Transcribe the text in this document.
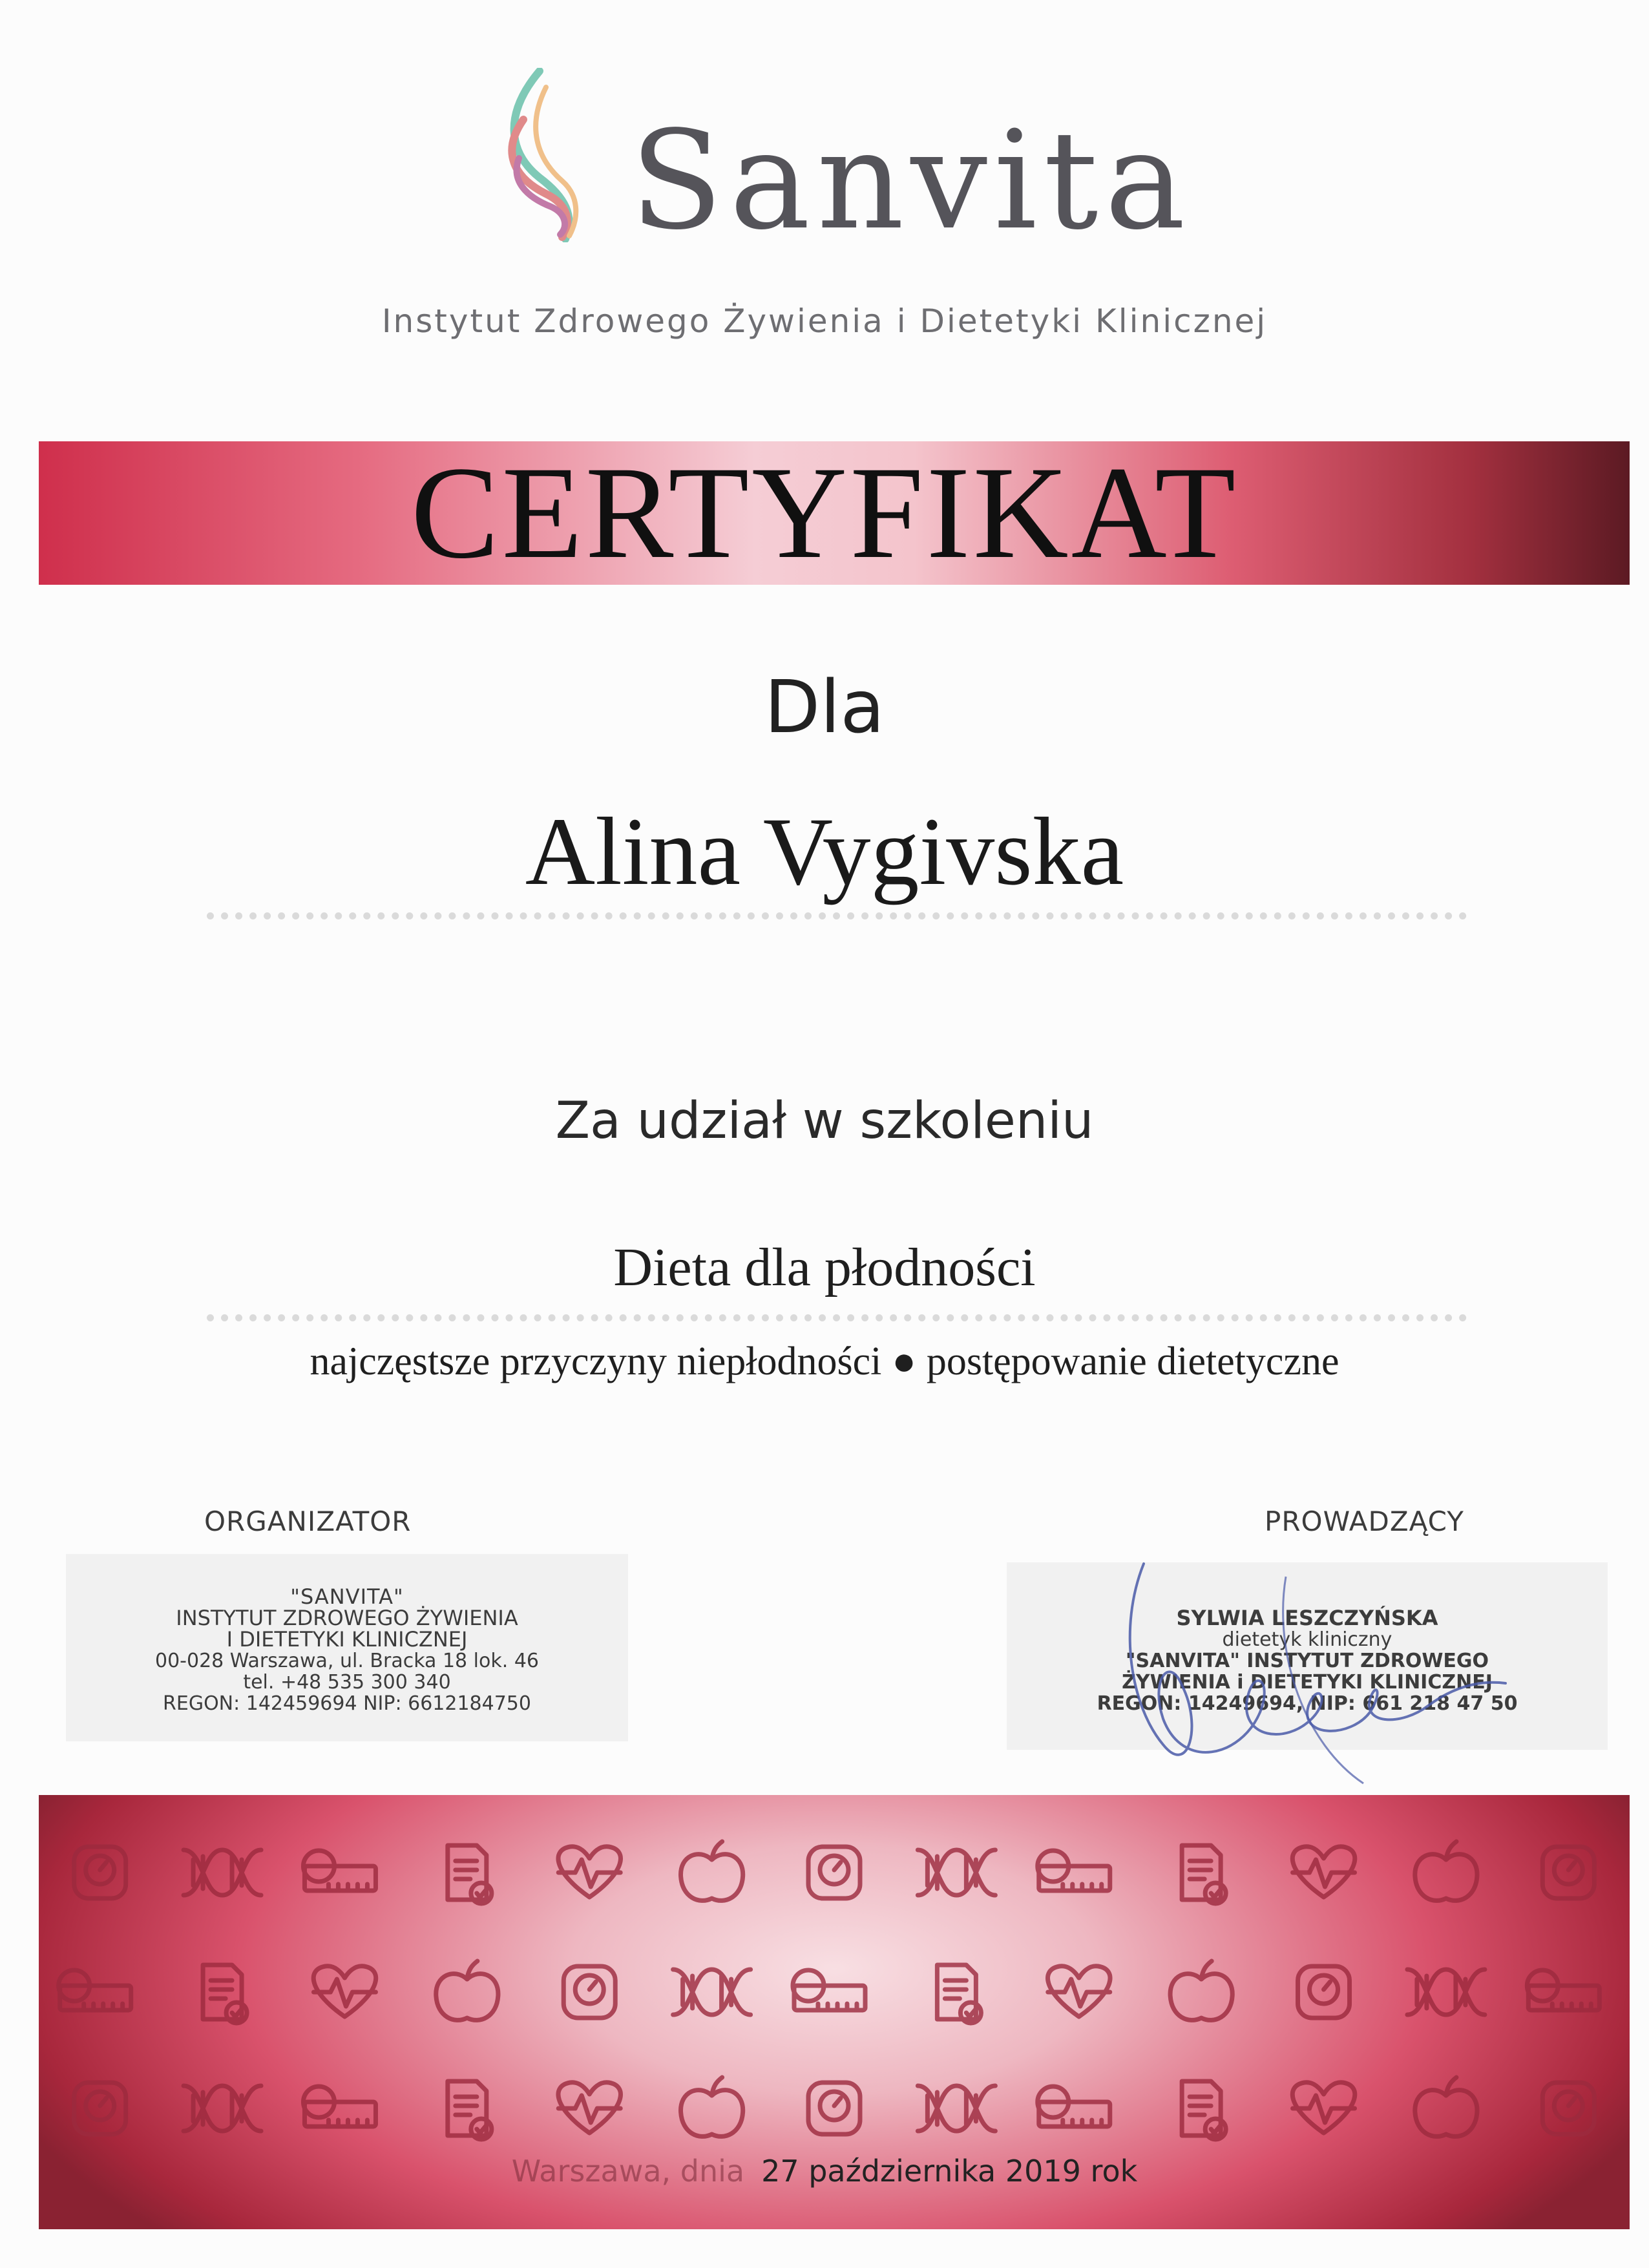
Sanvita
Instytut Zdrowego Żywienia i Dietetyki Klinicznej
CERTYFIKAT
Dla
Alina Vygivska
Za udział w szkoleniu
Dieta dla płodności
najczęstsze przyczyny niepłodności ● postępowanie dietetyczne
ORGANIZATOR	PROWADZĄCY
"SANVITA"
INSTYTUT ZDROWEGO ŻYWIENIA
I DIETETYKI KLINICZNEJ
00-028 Warszawa, ul. Bracka 18 lok. 46
tel. +48 535 300 340
REGON: 142459694 NIP: 6612184750
SYLWIA LESZCZYŃSKA
dietetyk kliniczny
"SANVITA" INSTYTUT ZDROWEGO
ŻYWIENIA i DIETETYKI KLINICZNEJ
REGON: 14249694, NIP: 661 218 47 50
Warszawa, dnia 27 października 2019 rok
